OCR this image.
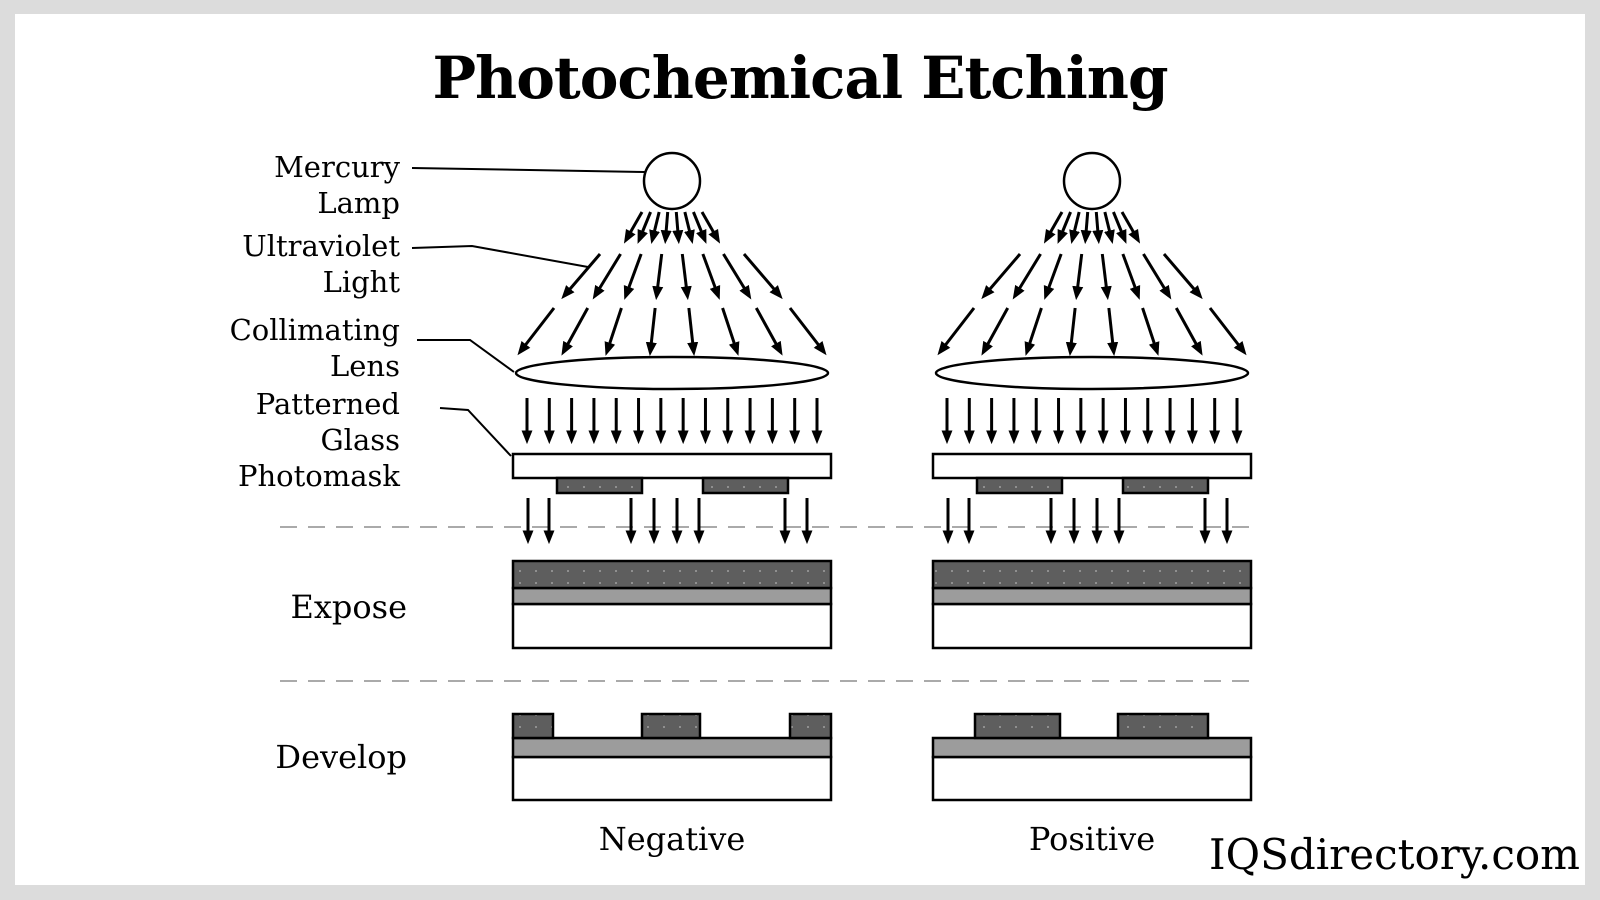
Photochemical Etching
Mercury
Lamp
Ultraviolet
Light
Collimating
Lens
Patterned
Glass
Photomask
Expose
Develop
Negative	Positive	IQSdirectory.com
